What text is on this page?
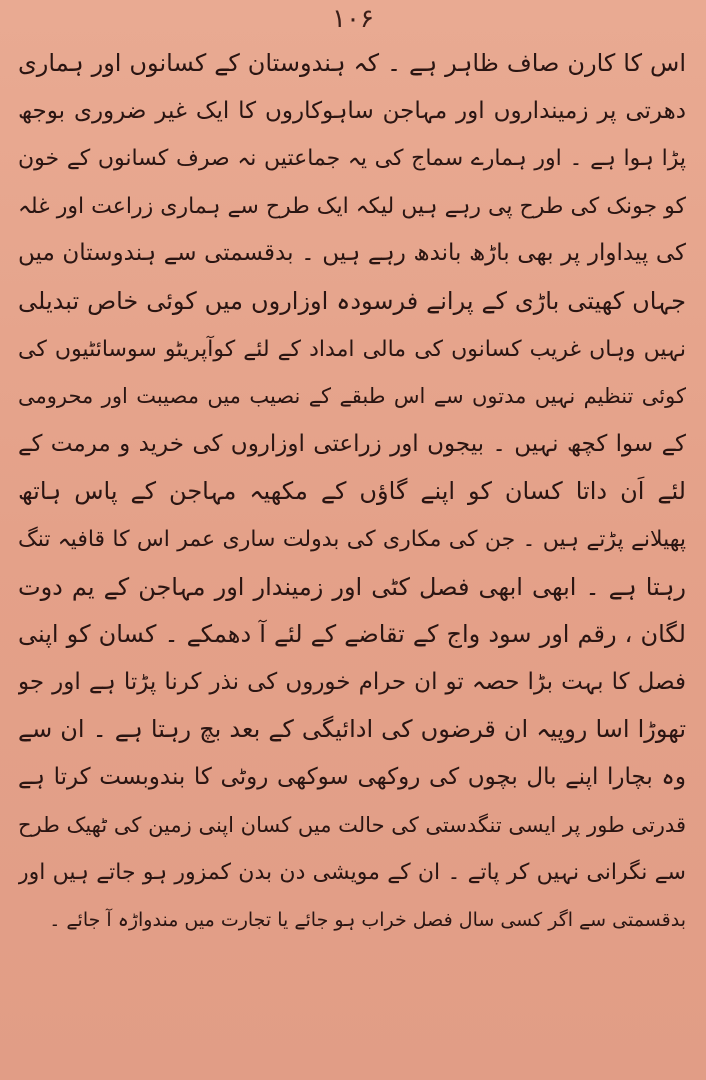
۱۰۶
اس کا کارن صاف ظاہر ہے ۔ کہ ہندوستان کے کسانوں اور ہماری
دھرتی پر زمینداروں اور مہاجن ساہوکاروں کا ایک غیر ضروری بوجھ
پڑا ہوا ہے ۔ اور ہمارے سماج کی یہ جماعتیں نہ صرف کسانوں کے خون
کو جونک کی طرح پی رہے ہیں لیکہ ایک طرح سے ہماری زراعت اور غلہ
کی پیداوار پر بھی باڑھ باندھ رہے ہیں ۔ بدقسمتی سے ہندوستان میں
جہاں کھیتی باڑی کے پرانے فرسودہ اوزاروں میں کوئی خاص تبدیلی
نہیں وہاں غریب کسانوں کی مالی امداد کے لئے کوآپریٹو سوسائٹیوں کی
کوئی تنظیم نہیں مدتوں سے اس طبقے کے نصیب میں مصیبت اور محرومی
کے سوا کچھ نہیں ۔ بیجوں اور زراعتی اوزاروں کی خرید و مرمت کے
لئے اَن داتا کسان کو اپنے گاؤں کے مکھیہ مہاجن کے پاس ہاتھ
پھیلانے پڑتے ہیں ۔ جن کی مکاری کی بدولت ساری عمر اس کا قافیہ تنگ
رہتا ہے ۔ ابھی ابھی فصل کٹی اور زمیندار اور مہاجن کے یم دوت
لگان ، رقم اور سود واج کے تقاضے کے لئے آ دھمکے ۔ کسان کو اپنی
فصل کا بہت بڑا حصہ تو ان حرام خوروں کی نذر کرنا پڑتا ہے اور جو
تھوڑا اسا روپیہ ان قرضوں کی ادائیگی کے بعد بچ رہتا ہے ۔ ان سے
وہ بچارا اپنے بال بچوں کی روکھی سوکھی روٹی کا بندوبست کرتا ہے
قدرتی طور پر ایسی تنگدستی کی حالت میں کسان اپنی زمین کی ٹھیک طرح
سے نگرانی نہیں کر پاتے ۔ ان کے مویشی دن بدن کمزور ہو جاتے ہیں اور
بدقسمتی سے اگر کسی سال فصل خراب ہو جائے یا تجارت میں مندواڑہ آ جائے ۔
